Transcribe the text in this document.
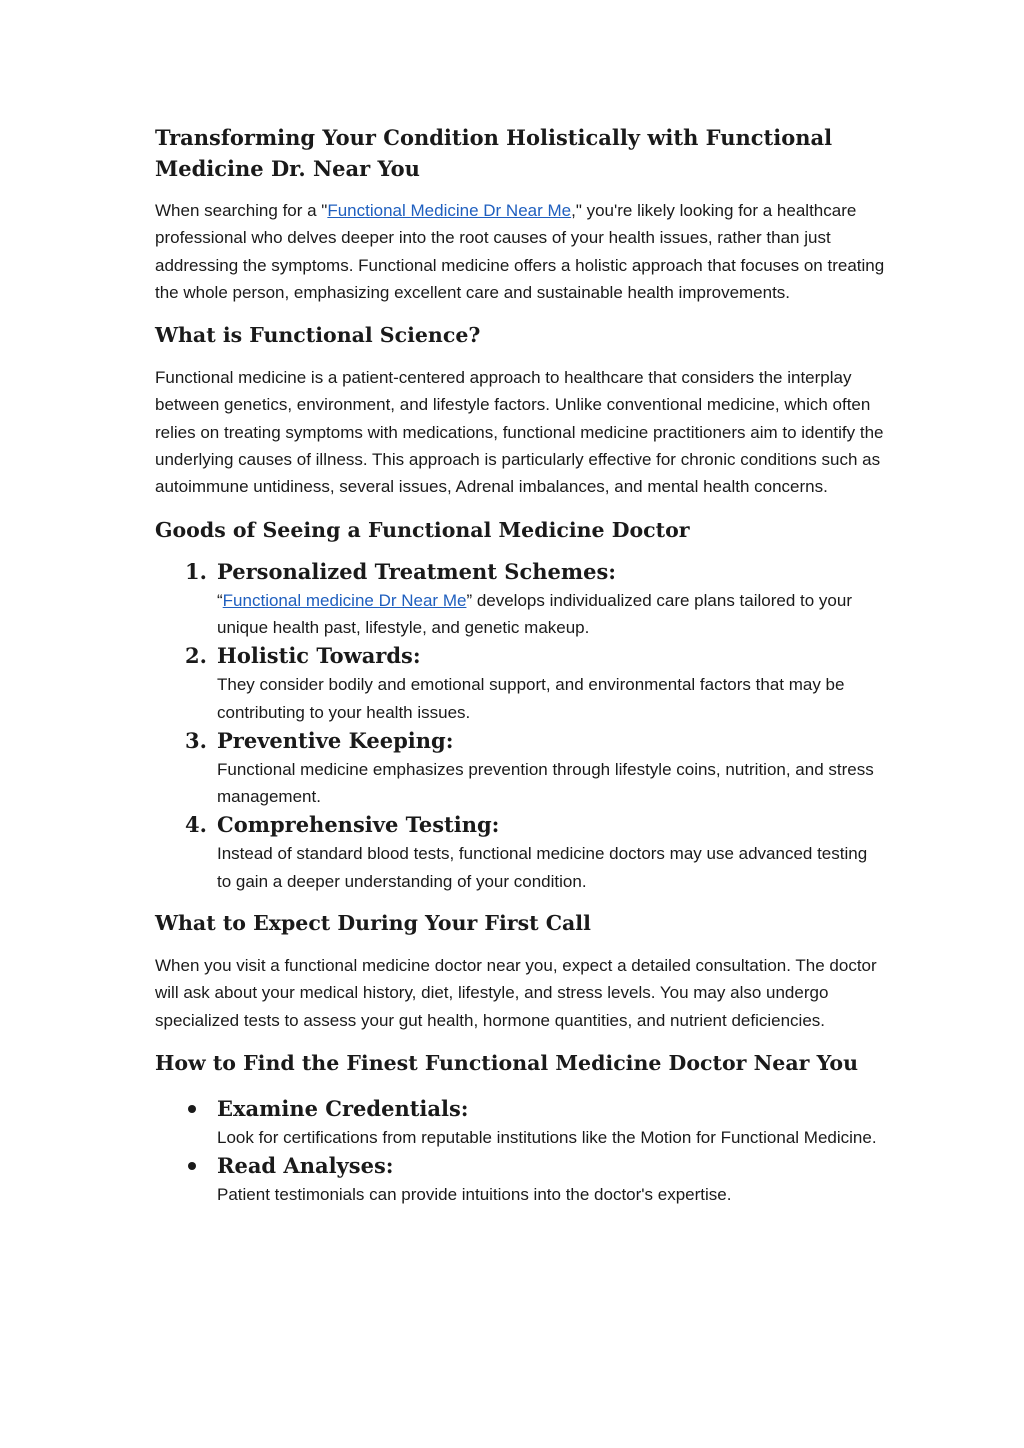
Transforming Your Condition Holistically with Functional
Medicine Dr. Near You

When searching for a "Functional Medicine Dr Near Me," you're likely looking for a healthcare professional who delves deeper into the root causes of your health issues, rather than just addressing the symptoms. Functional medicine offers a holistic approach that focuses on treating the whole person, emphasizing excellent care and sustainable health improvements.

What is Functional Science?

Functional medicine is a patient-centered approach to healthcare that considers the interplay between genetics, environment, and lifestyle factors. Unlike conventional medicine, which often relies on treating symptoms with medications, functional medicine practitioners aim to identify the underlying causes of illness. This approach is particularly effective for chronic conditions such as autoimmune untidiness, several issues, Adrenal imbalances, and mental health concerns.

Goods of Seeing a Functional Medicine Doctor
1. Personalized Treatment Schemes:
“Functional medicine Dr Near Me” develops individualized care plans tailored to your unique health past, lifestyle, and genetic makeup.
2. Holistic Towards:
They consider bodily and emotional support, and environmental factors that may be contributing to your health issues.
3. Preventive Keeping:
Functional medicine emphasizes prevention through lifestyle coins, nutrition, and stress management.
4. Comprehensive Testing:
Instead of standard blood tests, functional medicine doctors may use advanced testing to gain a deeper understanding of your condition.
What to Expect During Your First Call

When you visit a functional medicine doctor near you, expect a detailed consultation. The doctor will ask about your medical history, diet, lifestyle, and stress levels. You may also undergo specialized tests to assess your gut health, hormone quantities, and nutrient deficiencies.

How to Find the Finest Functional Medicine Doctor Near You
Examine Credentials:
Look for certifications from reputable institutions like the Motion for Functional Medicine.
Read Analyses:
Patient testimonials can provide intuitions into the doctor's expertise.
